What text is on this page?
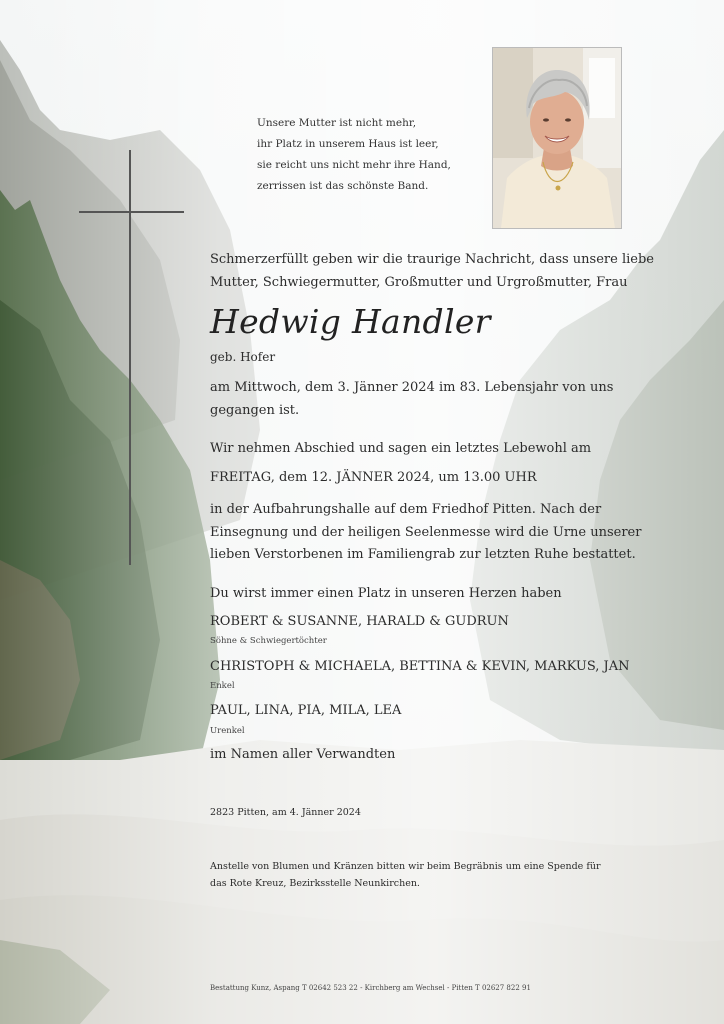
Unsere Mutter ist nicht mehr,
ihr Platz in unserem Haus ist leer,
sie reicht uns nicht mehr ihre Hand,
zerrissen ist das schönste Band.
Schmerzerfüllt geben wir die traurige Nachricht, dass unsere liebe
Mutter, Schwiegermutter, Großmutter und Urgroßmutter, Frau
Hedwig Handler
geb. Hofer
am Mittwoch, dem 3. Jänner 2024 im 83. Lebensjahr von uns
gegangen ist.
Wir nehmen Abschied und sagen ein letztes Lebewohl am
FREITAG, dem 12. JÄNNER 2024, um 13.00 UHR
in der Aufbahrungshalle auf dem Friedhof Pitten. Nach der
Einsegnung und der heiligen Seelenmesse wird die Urne unserer
lieben Verstorbenen im Familiengrab zur letzten Ruhe bestattet.
Du wirst immer einen Platz in unseren Herzen haben
ROBERT & SUSANNE, HARALD & GUDRUN
Söhne & Schwiegertöchter
CHRISTOPH & MICHAELA, BETTINA & KEVIN, MARKUS, JAN
Enkel
PAUL, LINA, PIA, MILA, LEA
Urenkel
im Namen aller Verwandten
2823 Pitten, am 4. Jänner 2024
Anstelle von Blumen und Kränzen bitten wir beim Begräbnis um eine Spende für
das Rote Kreuz, Bezirksstelle Neunkirchen.
Bestattung Kunz, Aspang T 02642 523 22 - Kirchberg am Wechsel - Pitten T 02627 822 91
